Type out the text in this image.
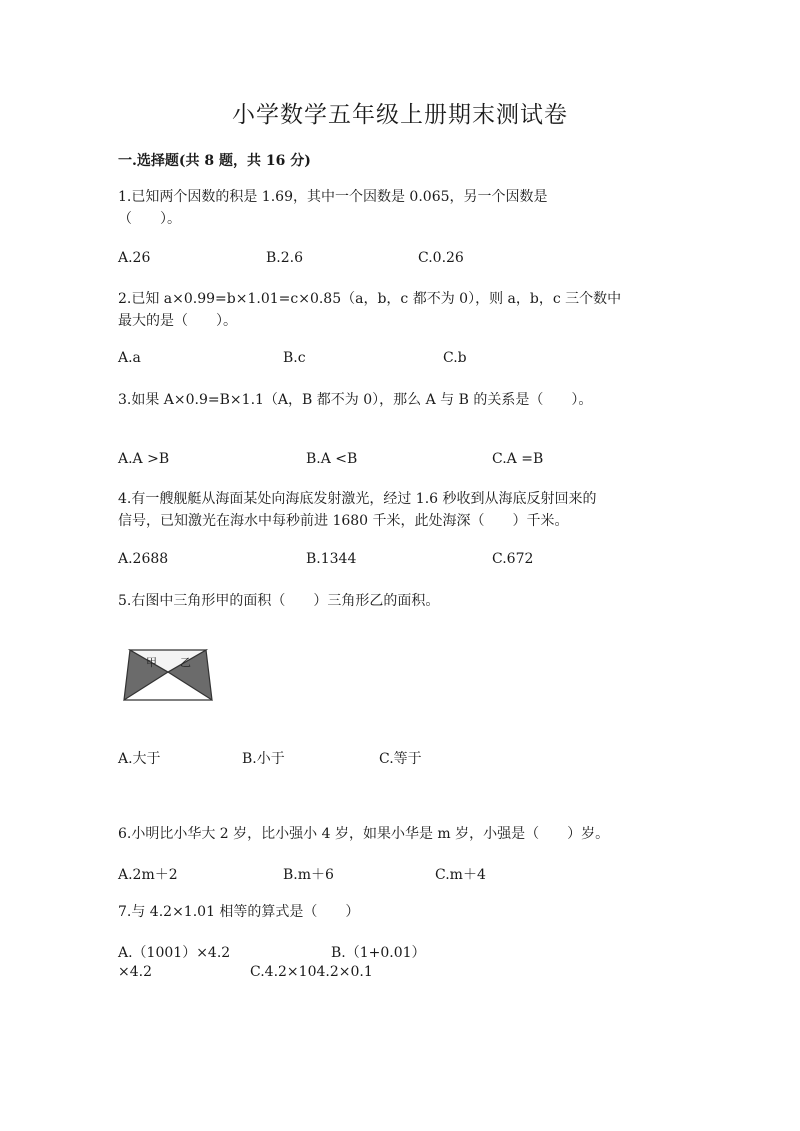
小学数学五年级上册期末测试卷
一.选择题(共 8 题，共 16 分)
1.已知两个因数的积是 1.69，其中一个因数是 0.065，另一个因数是
（　　）。
A.26	B.2.6	C.0.26
2.已知 a×0.99=b×1.01=c×0.85（a，b，c 都不为 0），则 a，b，c 三个数中
最大的是（　　）。
A.a	B.c	C.b
3.如果 A×0.9=B×1.1（A，B 都不为 0），那么 A 与 B 的关系是（　　）。
A.A >B	B.A <B	C.A =B
4.有一艘舰艇从海面某处向海底发射激光，经过 1.6 秒收到从海底反射回来的
信号，已知激光在海水中每秒前进 1680 千米，此处海深（　　）千米。
A.2688	B.1344	C.672
5.右图中三角形甲的面积（　　）三角形乙的面积。
甲 乙
A.大于	B.小于	C.等于
6.小明比小华大 2 岁，比小强小 4 岁，如果小华是 m 岁，小强是（　　）岁。
A.2m＋2	B.m＋6	C.m＋4
7.与 4.2×1.01 相等的算式是（　　）
A.（1001）×4.2	B.（1+0.01）
×4.2	C.4.2×104.2×0.1
